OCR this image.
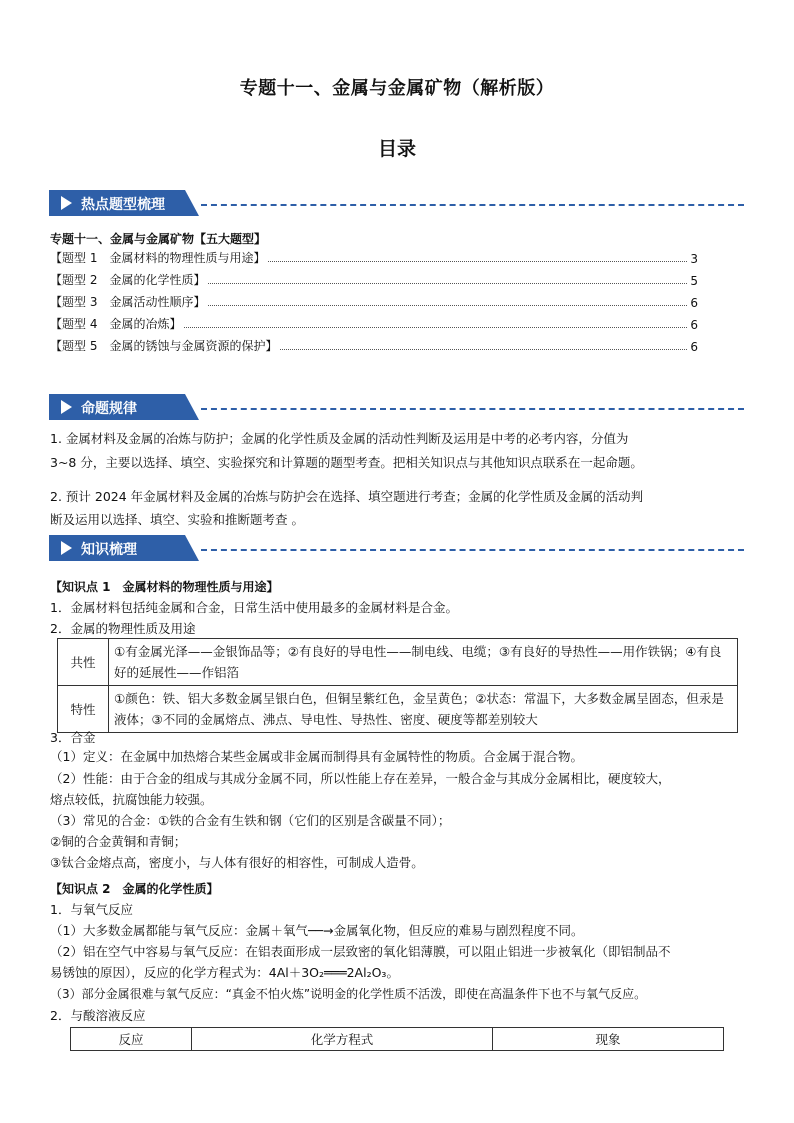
专题十一、金属与金属矿物（解析版）
目录
热点题型梳理
专题十一、金属与金属矿物【五大题型】
【题型 1　金属材料的物理性质与用途】	3
【题型 2　金属的化学性质】	5
【题型 3　金属活动性顺序】	6
【题型 4　金属的冶炼】	6
【题型 5　金属的锈蚀与金属资源的保护】	6
命题规律
1. 金属材料及金属的冶炼与防护；金属的化学性质及金属的活动性判断及运用是中考的必考内容，分值为
3~8 分，主要以选择、填空、实验探究和计算题的题型考查。把相关知识点与其他知识点联系在一起命题。
2. 预计 2024 年金属材料及金属的冶炼与防护会在选择、填空题进行考查；金属的化学性质及金属的活动判
断及运用以选择、填空、实验和推断题考查 。
知识梳理
【知识点 1　金属材料的物理性质与用途】
1．金属材料包括纯金属和合金，日常生活中使用最多的金属材料是合金。
2．金属的物理性质及用途
共性	①有金属光泽——金银饰品等；②有良好的导电性——制电线、电缆；③有良好的导热性——用作铁锅；④有良好的延展性——作铝箔
特性	①颜色：铁、铝大多数金属呈银白色，但铜呈紫红色，金呈黄色；②状态：常温下，大多数金属呈固态，但汞是液体；③不同的金属熔点、沸点、导电性、导热性、密度、硬度等都差别较大
3．合金
（1）定义：在金属中加热熔合某些金属或非金属而制得具有金属特性的物质。合金属于混合物。
（2）性能：由于合金的组成与其成分金属不同，所以性能上存在差异，一般合金与其成分金属相比，硬度较大，
熔点较低，抗腐蚀能力较强。
（3）常见的合金：①铁的合金有生铁和钢（它们的区别是含碳量不同）；
②铜的合金黄铜和青铜；
③钛合金熔点高，密度小，与人体有很好的相容性，可制成人造骨。
【知识点 2　金属的化学性质】
1．与氧气反应
（1）大多数金属都能与氧气反应：金属＋氧气──→金属氧化物，但反应的难易与剧烈程度不同。
（2）铝在空气中容易与氧气反应：在铝表面形成一层致密的氧化铝薄膜，可以阻止铝进一步被氧化（即铝制品不
易锈蚀的原因），反应的化学方程式为：4Al＋3O₂═══2Al₂O₃。
（3）部分金属很难与氧气反应：“真金不怕火炼”说明金的化学性质不活泼，即使在高温条件下也不与氧气反应。
2．与酸溶液反应
反应	化学方程式	现象
